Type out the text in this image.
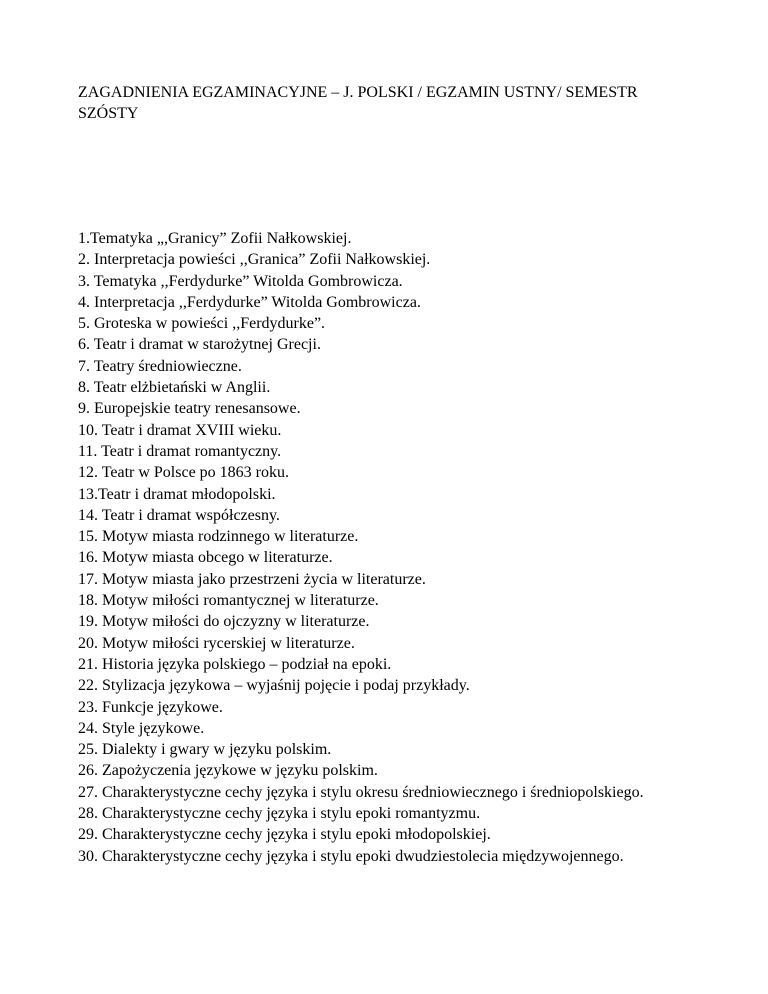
ZAGADNIENIA EGZAMINACYJNE – J. POLSKI / EGZAMIN USTNY/ SEMESTR SZÓSTY
1.Tematyka „,Granicy” Zofii Nałkowskiej.
2. Interpretacja powieści ,,Granica” Zofii Nałkowskiej.
3. Tematyka ,,Ferdydurke” Witolda Gombrowicza.
4. Interpretacja ,,Ferdydurke” Witolda Gombrowicza.
5. Groteska w powieści ,,Ferdydurke”.
6. Teatr i dramat w starożytnej Grecji.
7. Teatry średniowieczne.
8. Teatr elżbietański w Anglii.
9. Europejskie teatry renesansowe.
10. Teatr i dramat XVIII wieku.
11. Teatr i dramat romantyczny.
12. Teatr w Polsce po 1863 roku.
13.Teatr i dramat młodopolski.
14. Teatr i dramat współczesny.
15. Motyw miasta rodzinnego w literaturze.
16. Motyw miasta obcego w literaturze.
17. Motyw miasta jako przestrzeni życia w literaturze.
18. Motyw miłości romantycznej w literaturze.
19. Motyw miłości do ojczyzny w literaturze.
20. Motyw miłości rycerskiej w literaturze.
21. Historia języka polskiego – podział na epoki.
22. Stylizacja językowa – wyjaśnij pojęcie i podaj przykłady.
23. Funkcje językowe.
24. Style językowe.
25. Dialekty i gwary w języku polskim.
26. Zapożyczenia językowe w języku polskim.
27. Charakterystyczne cechy języka i stylu okresu średniowiecznego i średniopolskiego.
28. Charakterystyczne cechy języka i stylu epoki romantyzmu.
29. Charakterystyczne cechy języka i stylu epoki młodopolskiej.
30. Charakterystyczne cechy języka i stylu epoki dwudziestolecia międzywojennego.
